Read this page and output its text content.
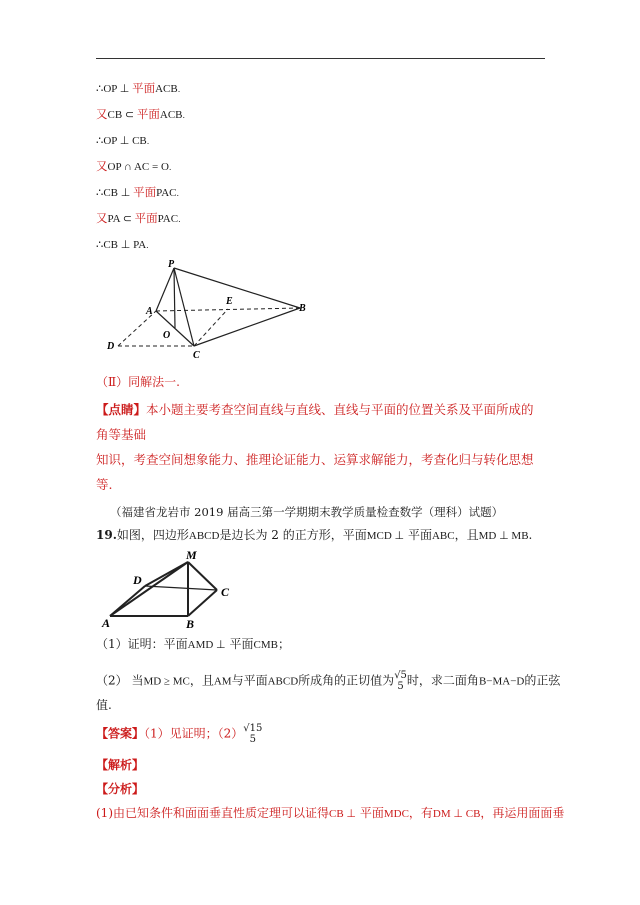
∴OP ⊥ 平面ACB.
又CB ⊂ 平面ACB.
∴OP ⊥ CB.
又OP ∩ AC = O.
∴CB ⊥ 平面PAC.
又PA ⊂ 平面PAC.
∴CB ⊥ PA.
P
A
E
B
O
D
C
（Ⅱ）同解法一.
【点睛】本小题主要考查空间直线与直线、直线与平面的位置关系及平面所成的角等基础
知识，考查空间想象能力、推理论证能力、运算求解能力，考查化归与转化思想等.
（福建省龙岩市 2019 届高三第一学期期末教学质量检查数学（理科）试题）
19.如图，四边形ABCD是边长为 2 的正方形，平面MCD ⊥ 平面ABC，且MD ⊥ MB.
M
D
C
A	B
（1）证明：平面AMD ⊥ 平面CMB；
（2） 当MD ≥ MC，且AM与平面ABCD所成角的正切值为 √5
5 时，求二面角B−MA−D的正弦
值.
【答案】（1）见证明；（2） √15
5
【解析】
【分析】
(1)由已知条件和面面垂直性质定理可以证得CB ⊥ 平面MDC，有DM ⊥ CB，再运用面面垂
